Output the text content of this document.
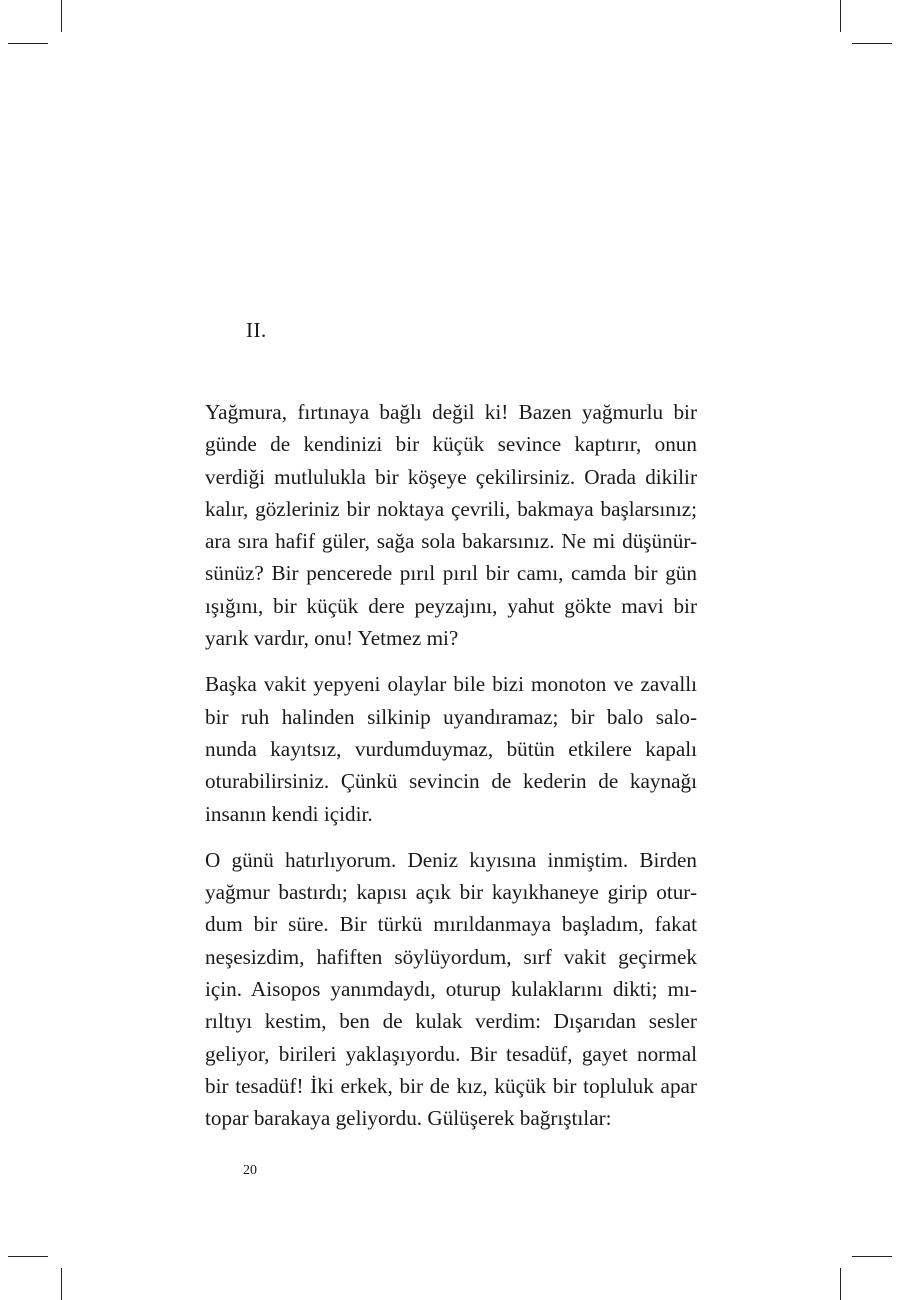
II.
Yağmura, fırtınaya bağlı değil ki! Bazen yağmurlu bir
günde de kendinizi bir küçük sevince kaptırır, onun
verdiği mutlulukla bir köşeye çekilirsiniz. Orada dikilir
kalır, gözleriniz bir noktaya çevrili, bakmaya başlarsınız;
ara sıra hafif güler, sağa sola bakarsınız. Ne mi düşünür-
sünüz? Bir pencerede pırıl pırıl bir camı, camda bir gün
ışığını, bir küçük dere peyzajını, yahut gökte mavi bir
yarık vardır, onu! Yetmez mi?
Başka vakit yepyeni olaylar bile bizi monoton ve zavallı
bir ruh halinden silkinip uyandıramaz; bir balo salo-
nunda kayıtsız, vurdumduymaz, bütün etkilere kapalı
oturabilirsiniz. Çünkü sevincin de kederin de kaynağı
insanın kendi içidir.
O günü hatırlıyorum. Deniz kıyısına inmiştim. Birden
yağmur bastırdı; kapısı açık bir kayıkhaneye girip otur-
dum bir süre. Bir türkü mırıldanmaya başladım, fakat
neşesizdim, hafiften söylüyordum, sırf vakit geçirmek
için. Aisopos yanımdaydı, oturup kulaklarını dikti; mı-
rıltıyı kestim, ben de kulak verdim: Dışarıdan sesler
geliyor, birileri yaklaşıyordu. Bir tesadüf, gayet normal
bir tesadüf! İki erkek, bir de kız, küçük bir topluluk apar
topar barakaya geliyordu. Gülüşerek bağrıştılar:
20
